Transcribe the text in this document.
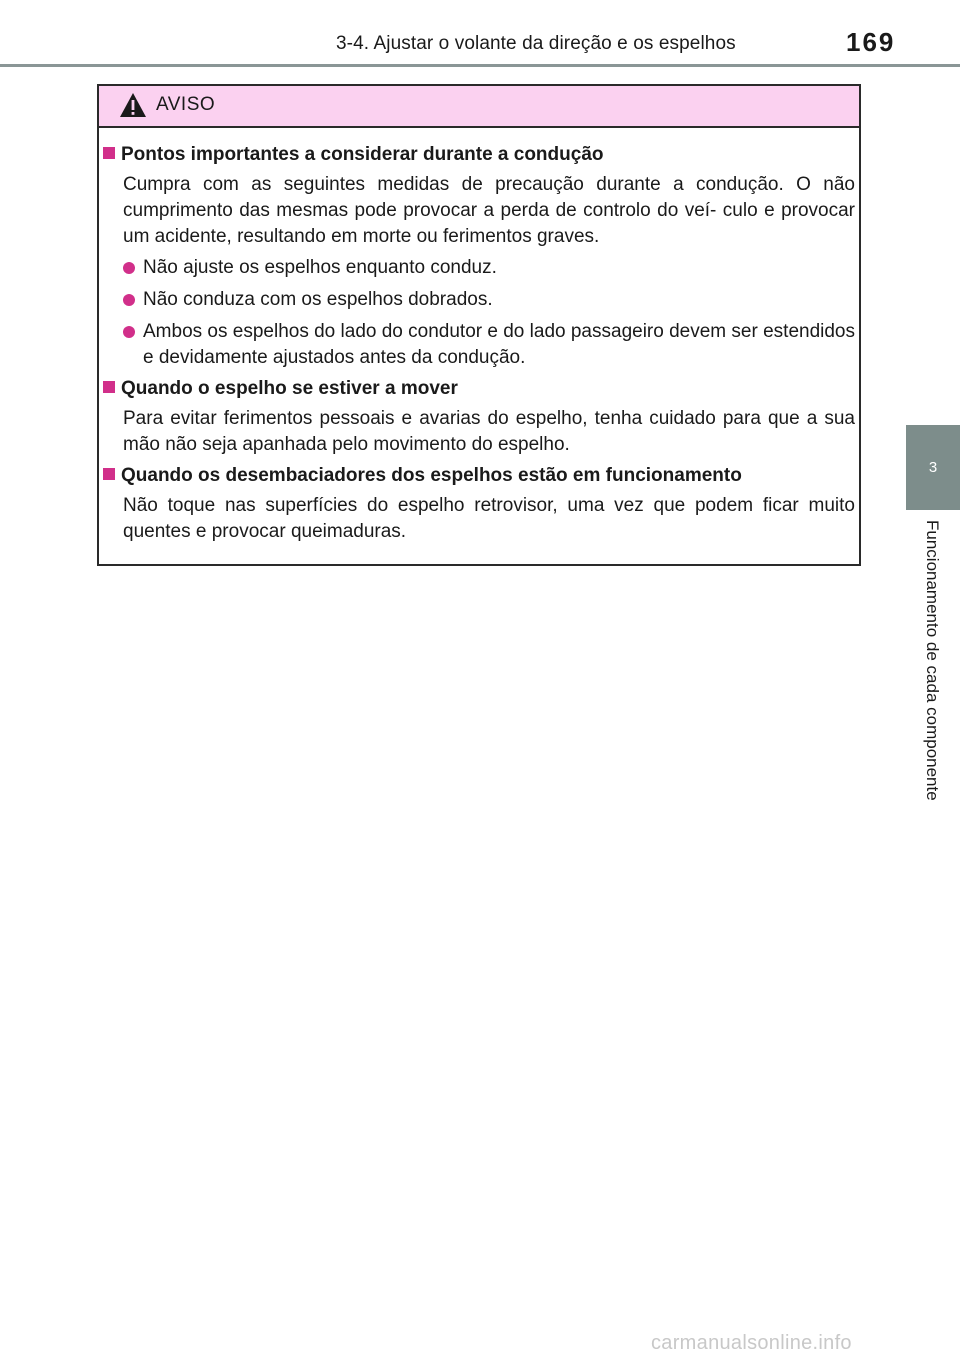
3-4. Ajustar o volante da direção e os espelhos	169
3
Funcionamento de cada componente
AVISO
Pontos importantes a considerar durante a condução
Cumpra com as seguintes medidas de precaução durante a condução. O não cumprimento das mesmas pode provocar a perda de controlo do veí- culo e provocar um acidente, resultando em morte ou ferimentos graves.
Não ajuste os espelhos enquanto conduz.
Não conduza com os espelhos dobrados.
Ambos os espelhos do lado do condutor e do lado passageiro devem ser estendidos e devidamente ajustados antes da condução.
Quando o espelho se estiver a mover
Para evitar ferimentos pessoais e avarias do espelho, tenha cuidado para que a sua mão não seja apanhada pelo movimento do espelho.
Quando os desembaciadores dos espelhos estão em funcionamento
Não toque nas superfícies do espelho retrovisor, uma vez que podem ficar muito quentes e provocar queimaduras.
carmanualsonline.info
